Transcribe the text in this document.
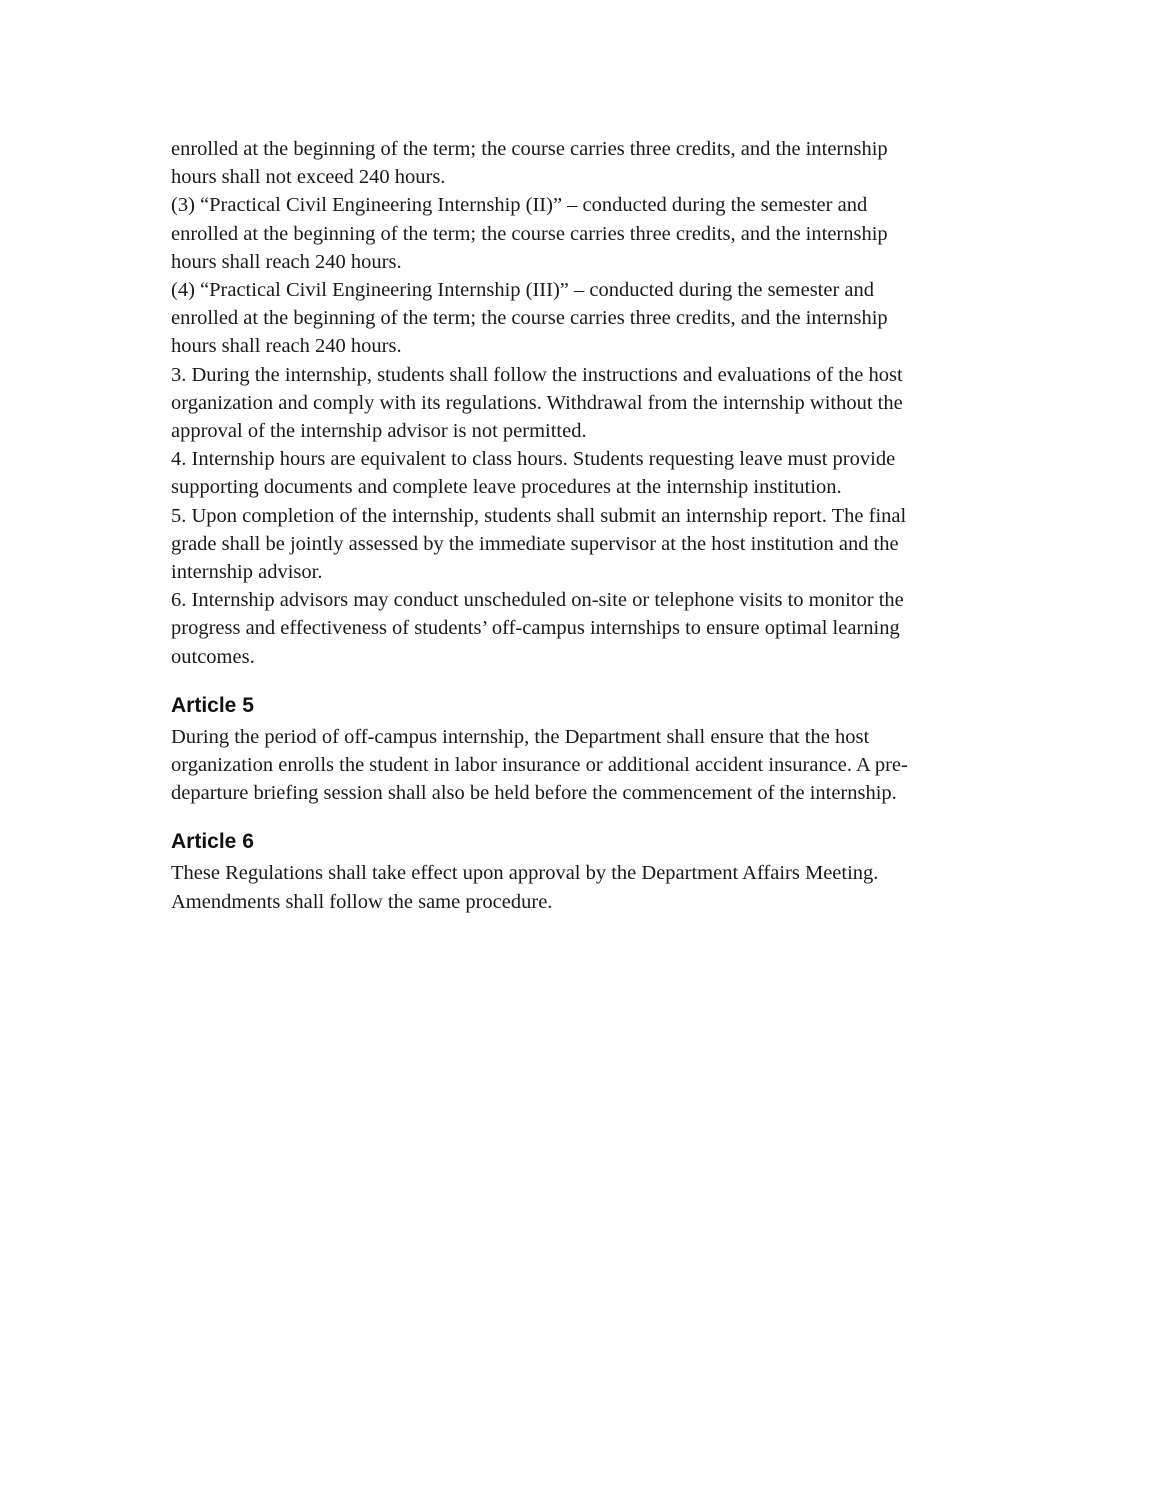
enrolled at the beginning of the term; the course carries three credits, and the internship

hours shall not exceed 240 hours.

(3) “Practical Civil Engineering Internship (II)” – conducted during the semester and

enrolled at the beginning of the term; the course carries three credits, and the internship

hours shall reach 240 hours.

(4) “Practical Civil Engineering Internship (III)” – conducted during the semester and

enrolled at the beginning of the term; the course carries three credits, and the internship

hours shall reach 240 hours.

3. During the internship, students shall follow the instructions and evaluations of the host

organization and comply with its regulations. Withdrawal from the internship without the

approval of the internship advisor is not permitted.

4. Internship hours are equivalent to class hours. Students requesting leave must provide

supporting documents and complete leave procedures at the internship institution.

5. Upon completion of the internship, students shall submit an internship report. The final

grade shall be jointly assessed by the immediate supervisor at the host institution and the

internship advisor.

6. Internship advisors may conduct unscheduled on-site or telephone visits to monitor the

progress and effectiveness of students’ off-campus internships to ensure optimal learning

outcomes.

Article 5

During the period of off-campus internship, the Department shall ensure that the host

organization enrolls the student in labor insurance or additional accident insurance. A pre-

departure briefing session shall also be held before the commencement of the internship.

Article 6

These Regulations shall take effect upon approval by the Department Affairs Meeting.

Amendments shall follow the same procedure.
